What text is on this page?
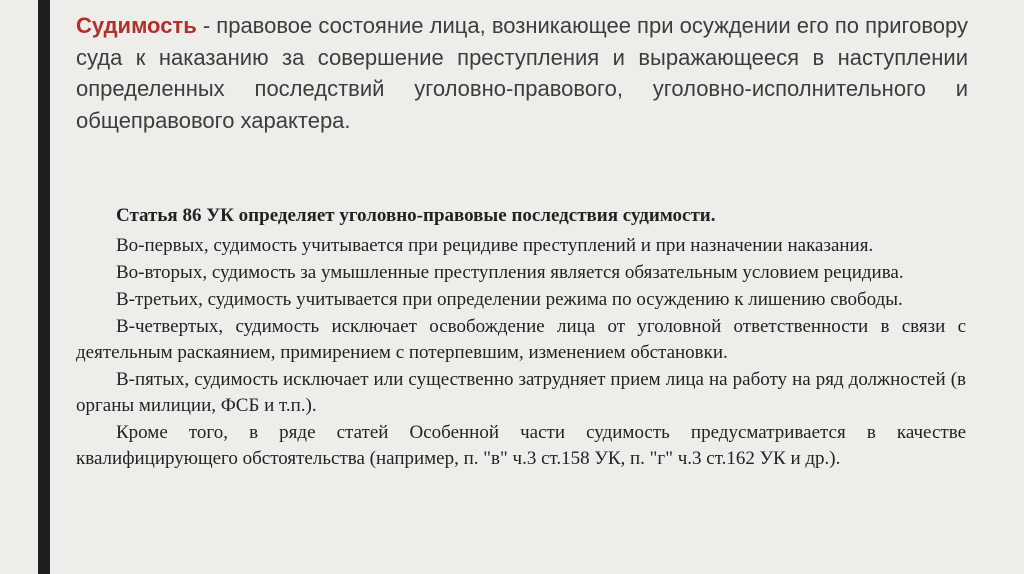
Судимость - правовое состояние лица, возникающее при осуждении его по приговору суда к наказанию за совершение преступления и выражающееся в наступлении определенных последствий уголовно-правового, уголовно-исполнительного и общеправового характера.

Статья 86 УК определяет уголовно-правовые последствия судимости.

Во-первых, судимость учитывается при рецидиве преступлений и при назначении наказания.

Во-вторых, судимость за умышленные преступления является обязательным условием рецидива.

В-третьих, судимость учитывается при определении режима по осуждению к лишению свободы.

В-четвертых, судимость исключает освобождение лица от уголовной ответственности в связи с деятельным раскаянием, примирением с потерпевшим, изменением обстановки.

В-пятых, судимость исключает или существенно затрудняет прием лица на работу на ряд должностей (в органы милиции, ФСБ и т.п.).

Кроме того, в ряде статей Особенной части судимость предусматривается в качестве квалифицирующего обстоятельства (например, п. "в" ч.3 ст.158 УК, п. "г" ч.3 ст.162 УК и др.).
